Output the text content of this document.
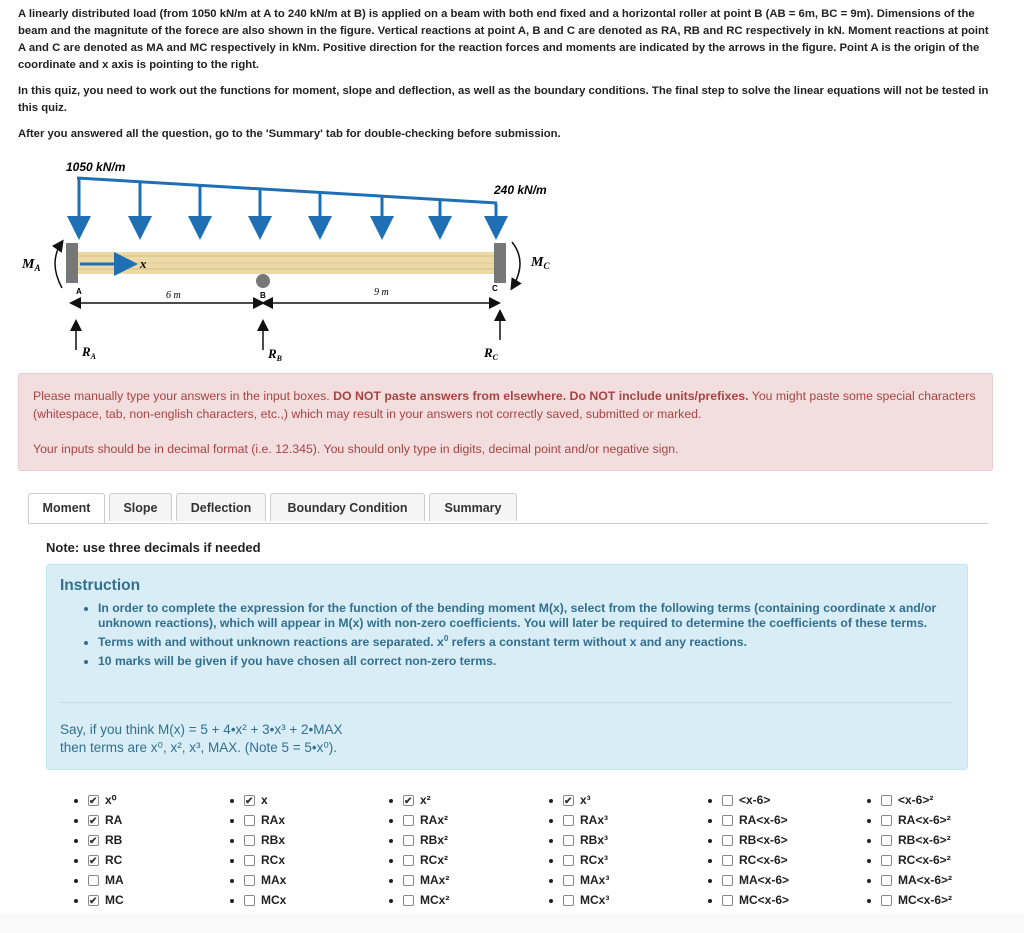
A linearly distributed load (from 1050 kN/m at A to 240 kN/m at B) is applied on a beam with both end fixed and a horizontal roller at point B (AB = 6m, BC = 9m). Dimensions of the beam and the magnitute of the forece are also shown in the figure. Vertical reactions at point A, B and C are denoted as RA, RB and RC respectively in kN. Moment reactions at point A and C are denoted as MA and MC respectively in kNm. Positive direction for the reaction forces and moments are indicated by the arrows in the figure. Point A is the origin of the coordinate and x axis is pointing to the right.

In this quiz, you need to work out the functions for moment, slope and deflection, as well as the boundary conditions. The final step to solve the linear equations will not be tested in this quiz.

After you answered all the question, go to the 'Summary' tab for double-checking before submission.

1050 kN/m
240 kN/m
x
$M_A$	$M_C$
A	B
C
6 m	9 m
$R_A$	$R_B$	$R_C$

Please manually type your answers in the input boxes. DO NOT paste answers from elsewhere. Do NOT include units/prefixes. You might paste some special characters (whitespace, tab, non-english characters, etc.,) which may result in your answers not correctly saved, submitted or marked.

Your inputs should be in decimal format (i.e. 12.345). You should only type in digits, decimal point and/or negative sign.

Moment	Slope	Deflection	Boundary Condition	Summary
Note: use three decimals if needed
Instruction
• In order to complete the expression for the function of the bending moment M(x), select from the following terms (containing coordinate x and/or unknown reactions), which will appear in M(x) with non-zero coefficients. You will later be required to determine the coefficients of these terms.
• Terms with and without unknown reactions are separated. $x^0$ refers a constant term without x and any reactions.
• 10 marks will be given if you have chosen all correct non-zero terms.
Say, if you think M(x) = 5 + 4•x² + 3•x³ + 2•MAX
then terms are x⁰, x², x³, MAX. (Note 5 = 5•x⁰).
✔• x⁰
✔• RA
✔• RB
✔• RC
• MA
✔• MC
✔• x
• RAx
• RBx
• RCx
• MAx
• MCx
✔• x²
• RAx²
• RBx²
• RCx²
• MAx²
• MCx²
✔• x³
• RAx³
• RBx³
• RCx³
• MAx³
• MCx³
• <x-6>
• RA<x-6>
• RB<x-6>
• RC<x-6>
• MA<x-6>
• MC<x-6>
• <x-6>²
• RA<x-6>²
• RB<x-6>²
• RC<x-6>²
• MA<x-6>²
• MC<x-6>²
